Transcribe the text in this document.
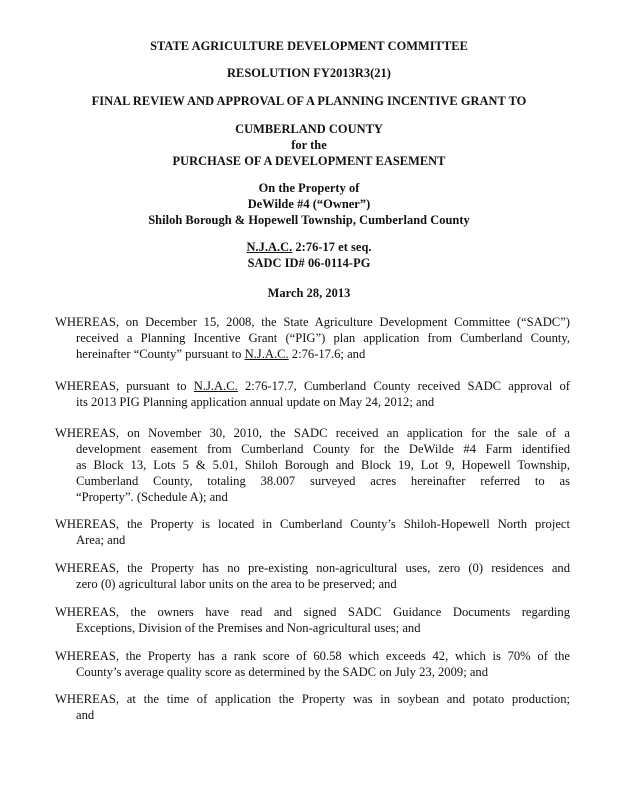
STATE AGRICULTURE DEVELOPMENT COMMITTEE
RESOLUTION FY2013R3(21)
FINAL REVIEW AND APPROVAL OF A PLANNING INCENTIVE GRANT TO
CUMBERLAND COUNTY
for the
PURCHASE OF A DEVELOPMENT EASEMENT
On the Property of
DeWilde #4 (“Owner”)
Shiloh Borough & Hopewell Township, Cumberland County
N.J.A.C. 2:76-17 et seq.
SADC ID# 06-0114-PG
March 28, 2013
WHEREAS, on December 15, 2008, the State Agriculture Development Committee (“SADC”)
received a Planning Incentive Grant (“PIG”) plan application from Cumberland County,
hereinafter “County” pursuant to N.J.A.C. 2:76-17.6; and
WHEREAS, pursuant to N.J.A.C. 2:76-17.7, Cumberland County received SADC approval of
its 2013 PIG Planning application annual update on May 24, 2012; and
WHEREAS, on November 30, 2010, the SADC received an application for the sale of a
development easement from Cumberland County for the DeWilde #4 Farm identified
as Block 13, Lots 5 & 5.01, Shiloh Borough and Block 19, Lot 9, Hopewell Township,
Cumberland County, totaling 38.007 surveyed acres hereinafter referred to as
“Property”. (Schedule A); and
WHEREAS, the Property is located in Cumberland County’s Shiloh-Hopewell North project
Area; and
WHEREAS, the Property has no pre-existing non-agricultural uses, zero (0) residences and
zero (0) agricultural labor units on the area to be preserved; and
WHEREAS, the owners have read and signed SADC Guidance Documents regarding
Exceptions, Division of the Premises and Non-agricultural uses; and
WHEREAS, the Property has a rank score of 60.58 which exceeds 42, which is 70% of the
County’s average quality score as determined by the SADC on July 23, 2009; and
WHEREAS, at the time of application the Property was in soybean and potato production;
and
